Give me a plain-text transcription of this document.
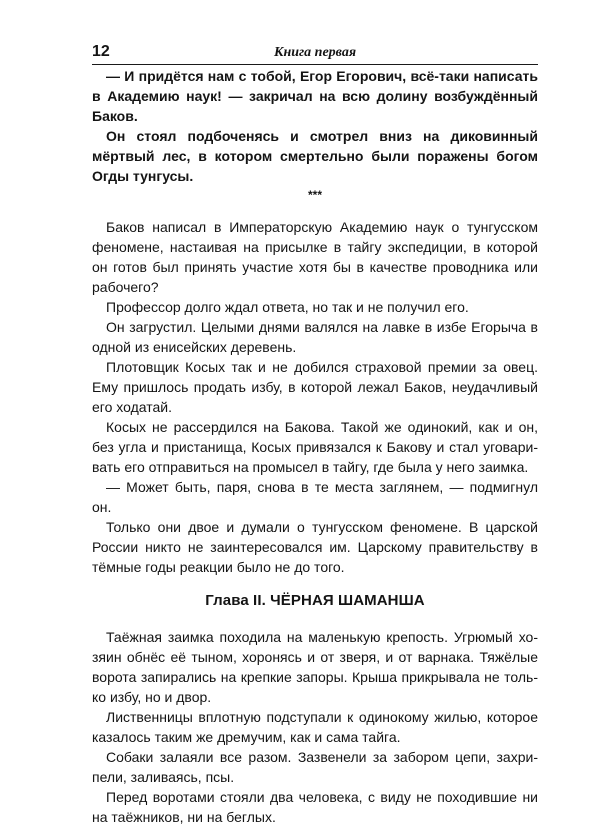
12	Книга первая

— И придётся нам с тобой, Егор Егорович, всё-таки написать в Академию наук! — закричал на всю долину возбуждённый Баков.

Он стоял подбоченясь и смотрел вниз на диковинный мёртвый лес, в котором смертельно были поражены богом Огды тунгусы.

***

Баков написал в Императорскую Академию наук о тунгусском феномене, настаивая на присылке в тайгу экспедиции, в которой он готов был принять участие хотя бы в качестве проводника или рабочего?

Профессор долго ждал ответа, но так и не получил его.

Он загрустил. Целыми днями валялся на лавке в избе Егорыча в одной из енисейских деревень.

Плотовщик Косых так и не добился страховой премии за овец. Ему пришлось продать избу, в которой лежал Баков, неудачливый его ходатай.

Косых не рассердился на Бакова. Такой же одинокий, как и он, без угла и пристанища, Косых привязался к Бакову и стал уговаривать его отправиться на промысел в тайгу, где была у него заимка.

— Может быть, паря, снова в те места заглянем, — подмигнул он.

Только они двое и думали о тунгусском феномене. В царской России никто не заинтересовался им. Царскому правительству в тёмные годы реакции было не до того.

Глава II. ЧЁРНАЯ ШАМАНША

Таёжная заимка походила на маленькую крепость. Угрюмый хозяин обнёс её тыном, хоронясь и от зверя, и от варнака. Тяжёлые ворота запирались на крепкие запоры. Крыша прикрывала не только избу, но и двор.

Лиственницы вплотную подступали к одинокому жилью, которое казалось таким же дремучим, как и сама тайга.

Собаки залаяли все разом. Зазвенели за забором цепи, захрипели, заливаясь, псы.

Перед воротами стояли два человека, с виду не походившие ни на таёжников, ни на беглых.
